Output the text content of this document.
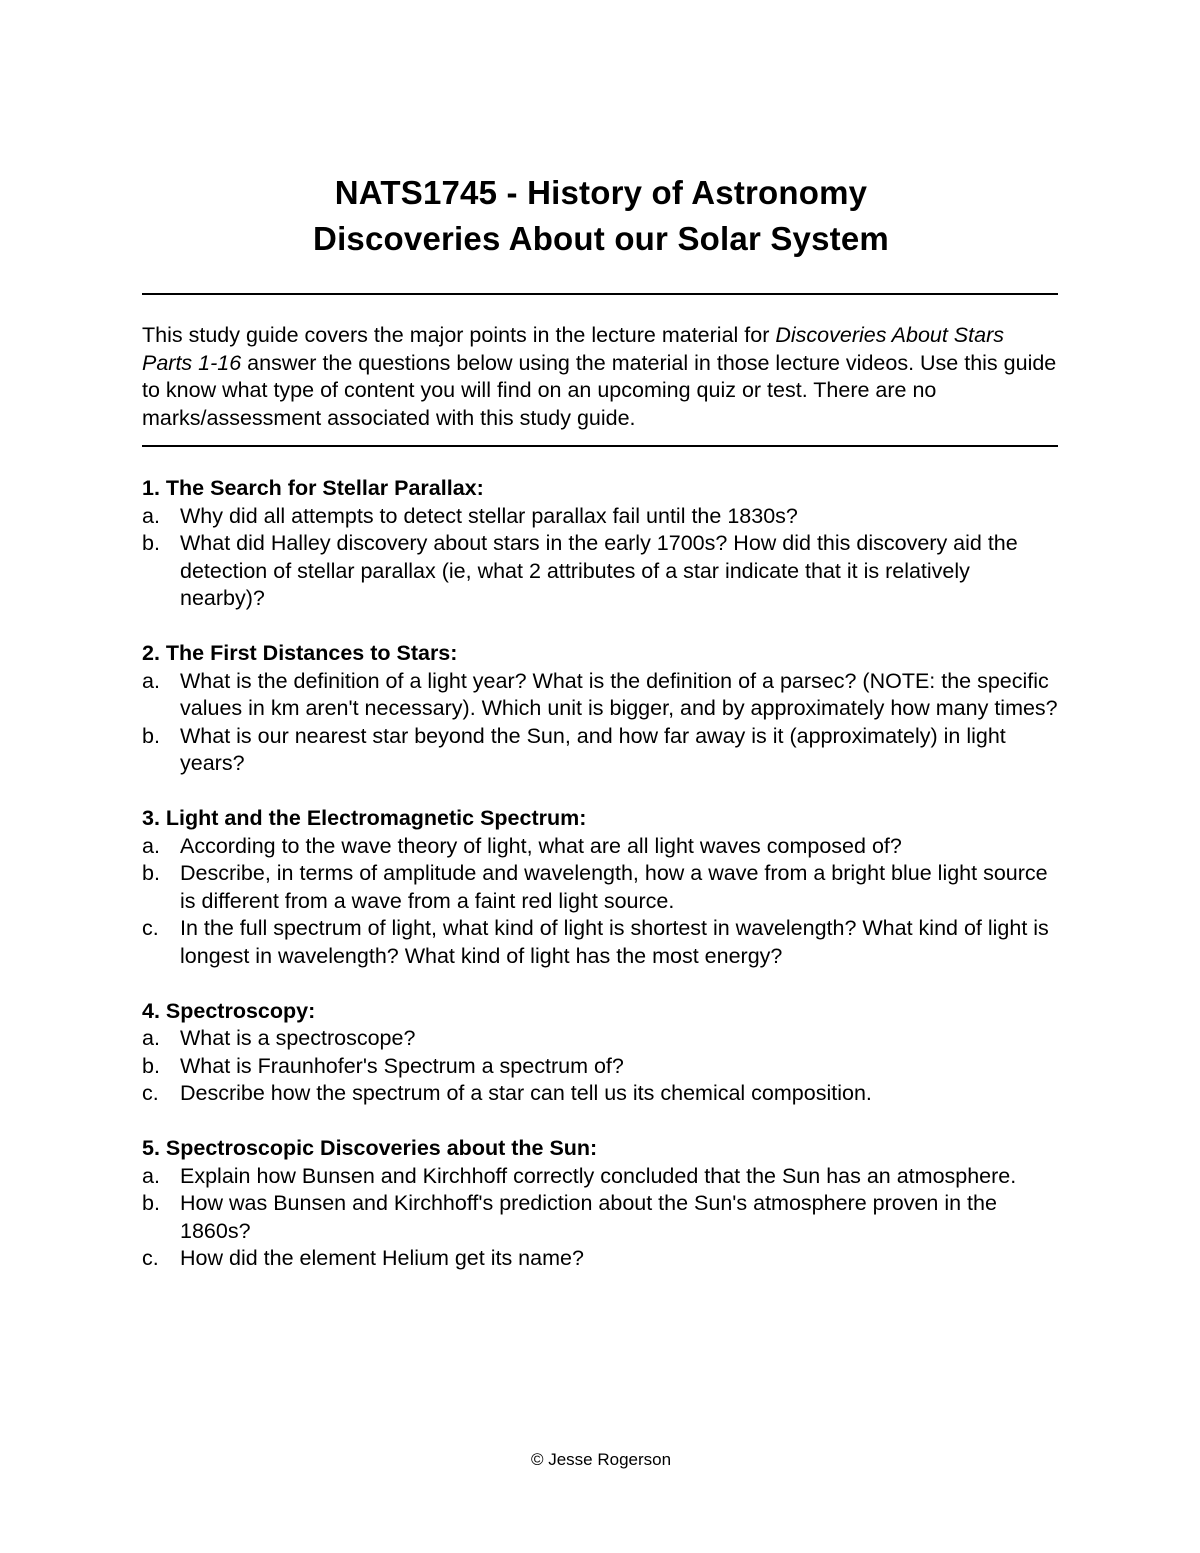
NATS1745 - History of Astronomy
Discoveries About our Solar System
This study guide covers the major points in the lecture material for Discoveries About Stars Parts 1-16 answer the questions below using the material in those lecture videos. Use this guide to know what type of content you will find on an upcoming quiz or test. There are no marks/assessment associated with this study guide.
1. The Search for Stellar Parallax:
a. Why did all attempts to detect stellar parallax fail until the 1830s?
b. What did Halley discovery about stars in the early 1700s? How did this discovery aid the detection of stellar parallax (ie, what 2 attributes of a star indicate that it is relatively nearby)?
2. The First Distances to Stars:
a. What is the definition of a light year? What is the definition of a parsec? (NOTE: the specific values in km aren't necessary). Which unit is bigger, and by approximately how many times?
b. What is our nearest star beyond the Sun, and how far away is it (approximately) in light years?
3. Light and the Electromagnetic Spectrum:
a. According to the wave theory of light, what are all light waves composed of?
b. Describe, in terms of amplitude and wavelength, how a wave from a bright blue light source is different from a wave from a faint red light source.
c. In the full spectrum of light, what kind of light is shortest in wavelength? What kind of light is longest in wavelength? What kind of light has the most energy?
4. Spectroscopy:
a. What is a spectroscope?
b. What is Fraunhofer's Spectrum a spectrum of?
c. Describe how the spectrum of a star can tell us its chemical composition.
5. Spectroscopic Discoveries about the Sun:
a. Explain how Bunsen and Kirchhoff correctly concluded that the Sun has an atmosphere.
b. How was Bunsen and Kirchhoff's prediction about the Sun's atmosphere proven in the 1860s?
c. How did the element Helium get its name?
© Jesse Rogerson
